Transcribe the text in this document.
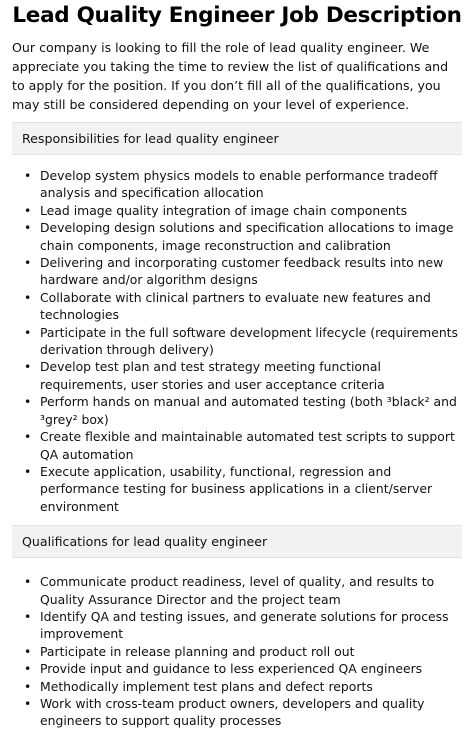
Lead Quality Engineer Job Description

Our company is looking to fill the role of lead quality engineer. We appreciate you taking the time to review the list of qualifications and to apply for the position. If you don’t fill all of the qualifications, you may still be considered depending on your level of experience.

Responsibilities for lead quality engineer
• Develop system physics models to enable performance tradeoff analysis and specification allocation
• Lead image quality integration of image chain components
• Developing design solutions and specification allocations to image chain components, image reconstruction and calibration
• Delivering and incorporating customer feedback results into new hardware and/or algorithm designs
• Collaborate with clinical partners to evaluate new features and technologies
• Participate in the full software development lifecycle (requirements derivation through delivery)
• Develop test plan and test strategy meeting functional requirements, user stories and user acceptance criteria
• Perform hands on manual and automated testing (both ³black² and ³grey² box)
• Create flexible and maintainable automated test scripts to support QA automation
• Execute application, usability, functional, regression and performance testing for business applications in a client/server environment
Qualifications for lead quality engineer
• Communicate product readiness, level of quality, and results to Quality Assurance Director and the project team
• Identify QA and testing issues, and generate solutions for process improvement
• Participate in release planning and product roll out
• Provide input and guidance to less experienced QA engineers
• Methodically implement test plans and defect reports
• Work with cross-team product owners, developers and quality engineers to support quality processes
